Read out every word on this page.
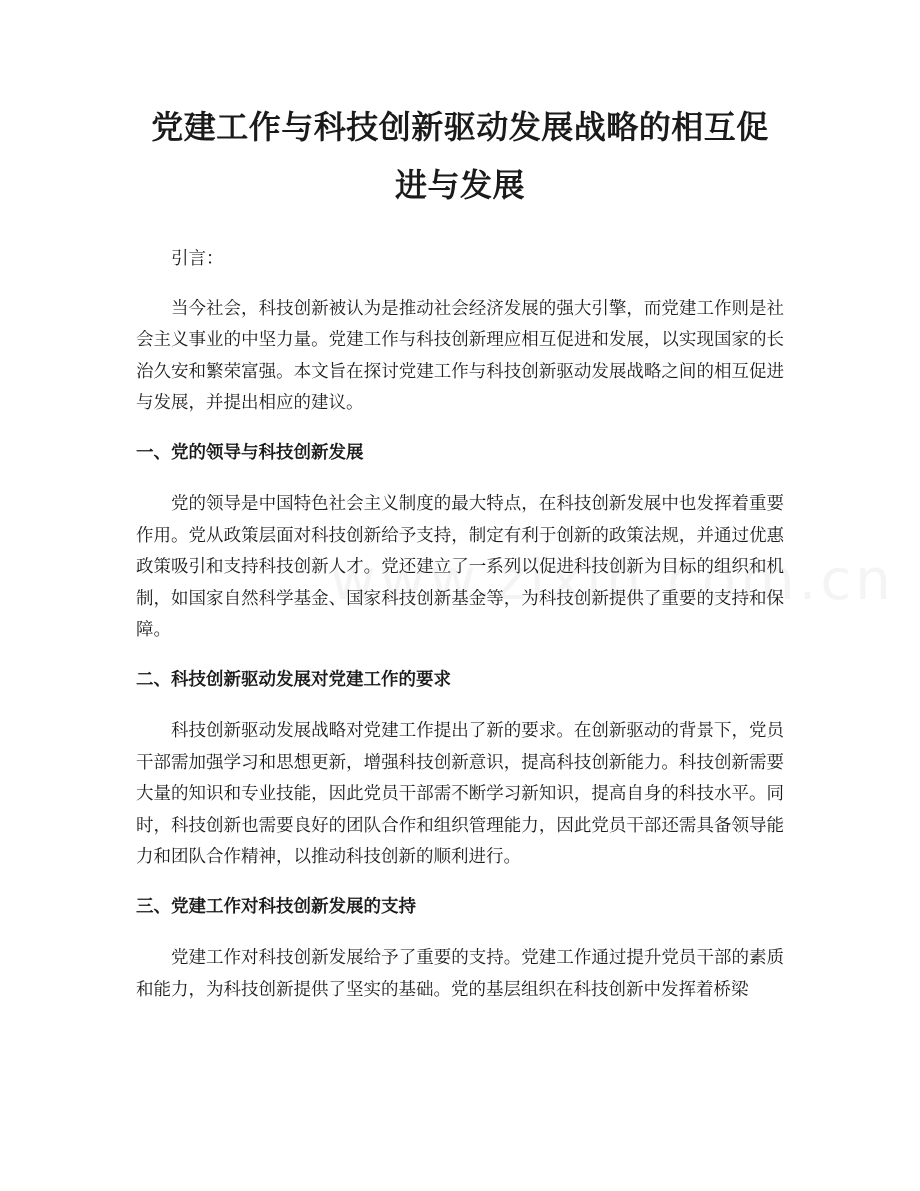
党建工作与科技创新驱动发展战略的相互促
进与发展

引言：

当今社会，科技创新被认为是推动社会经济发展的强大引擎，而党建工作则是社会主义事业的中坚力量。党建工作与科技创新理应相互促进和发展，以实现国家的长治久安和繁荣富强。本文旨在探讨党建工作与科技创新驱动发展战略之间的相互促进与发展，并提出相应的建议。

一、党的领导与科技创新发展

党的领导是中国特色社会主义制度的最大特点，在科技创新发展中也发挥着重要作用。党从政策层面对科技创新给予支持，制定有利于创新的政策法规，并通过优惠政策吸引和支持科技创新人才。党还建立了一系列以促进科技创新为目标的组织和机制，如国家自然科学基金、国家科技创新基金等，为科技创新提供了重要的支持和保障。

二、科技创新驱动发展对党建工作的要求

科技创新驱动发展战略对党建工作提出了新的要求。在创新驱动的背景下，党员干部需加强学习和思想更新，增强科技创新意识，提高科技创新能力。科技创新需要大量的知识和专业技能，因此党员干部需不断学习新知识，提高自身的科技水平。同时，科技创新也需要良好的团队合作和组织管理能力，因此党员干部还需具备领导能力和团队合作精神，以推动科技创新的顺利进行。

三、党建工作对科技创新发展的支持

党建工作对科技创新发展给予了重要的支持。党建工作通过提升党员干部的素质和能力，为科技创新提供了坚实的基础。党的基层组织在科技创新中发挥着桥梁
